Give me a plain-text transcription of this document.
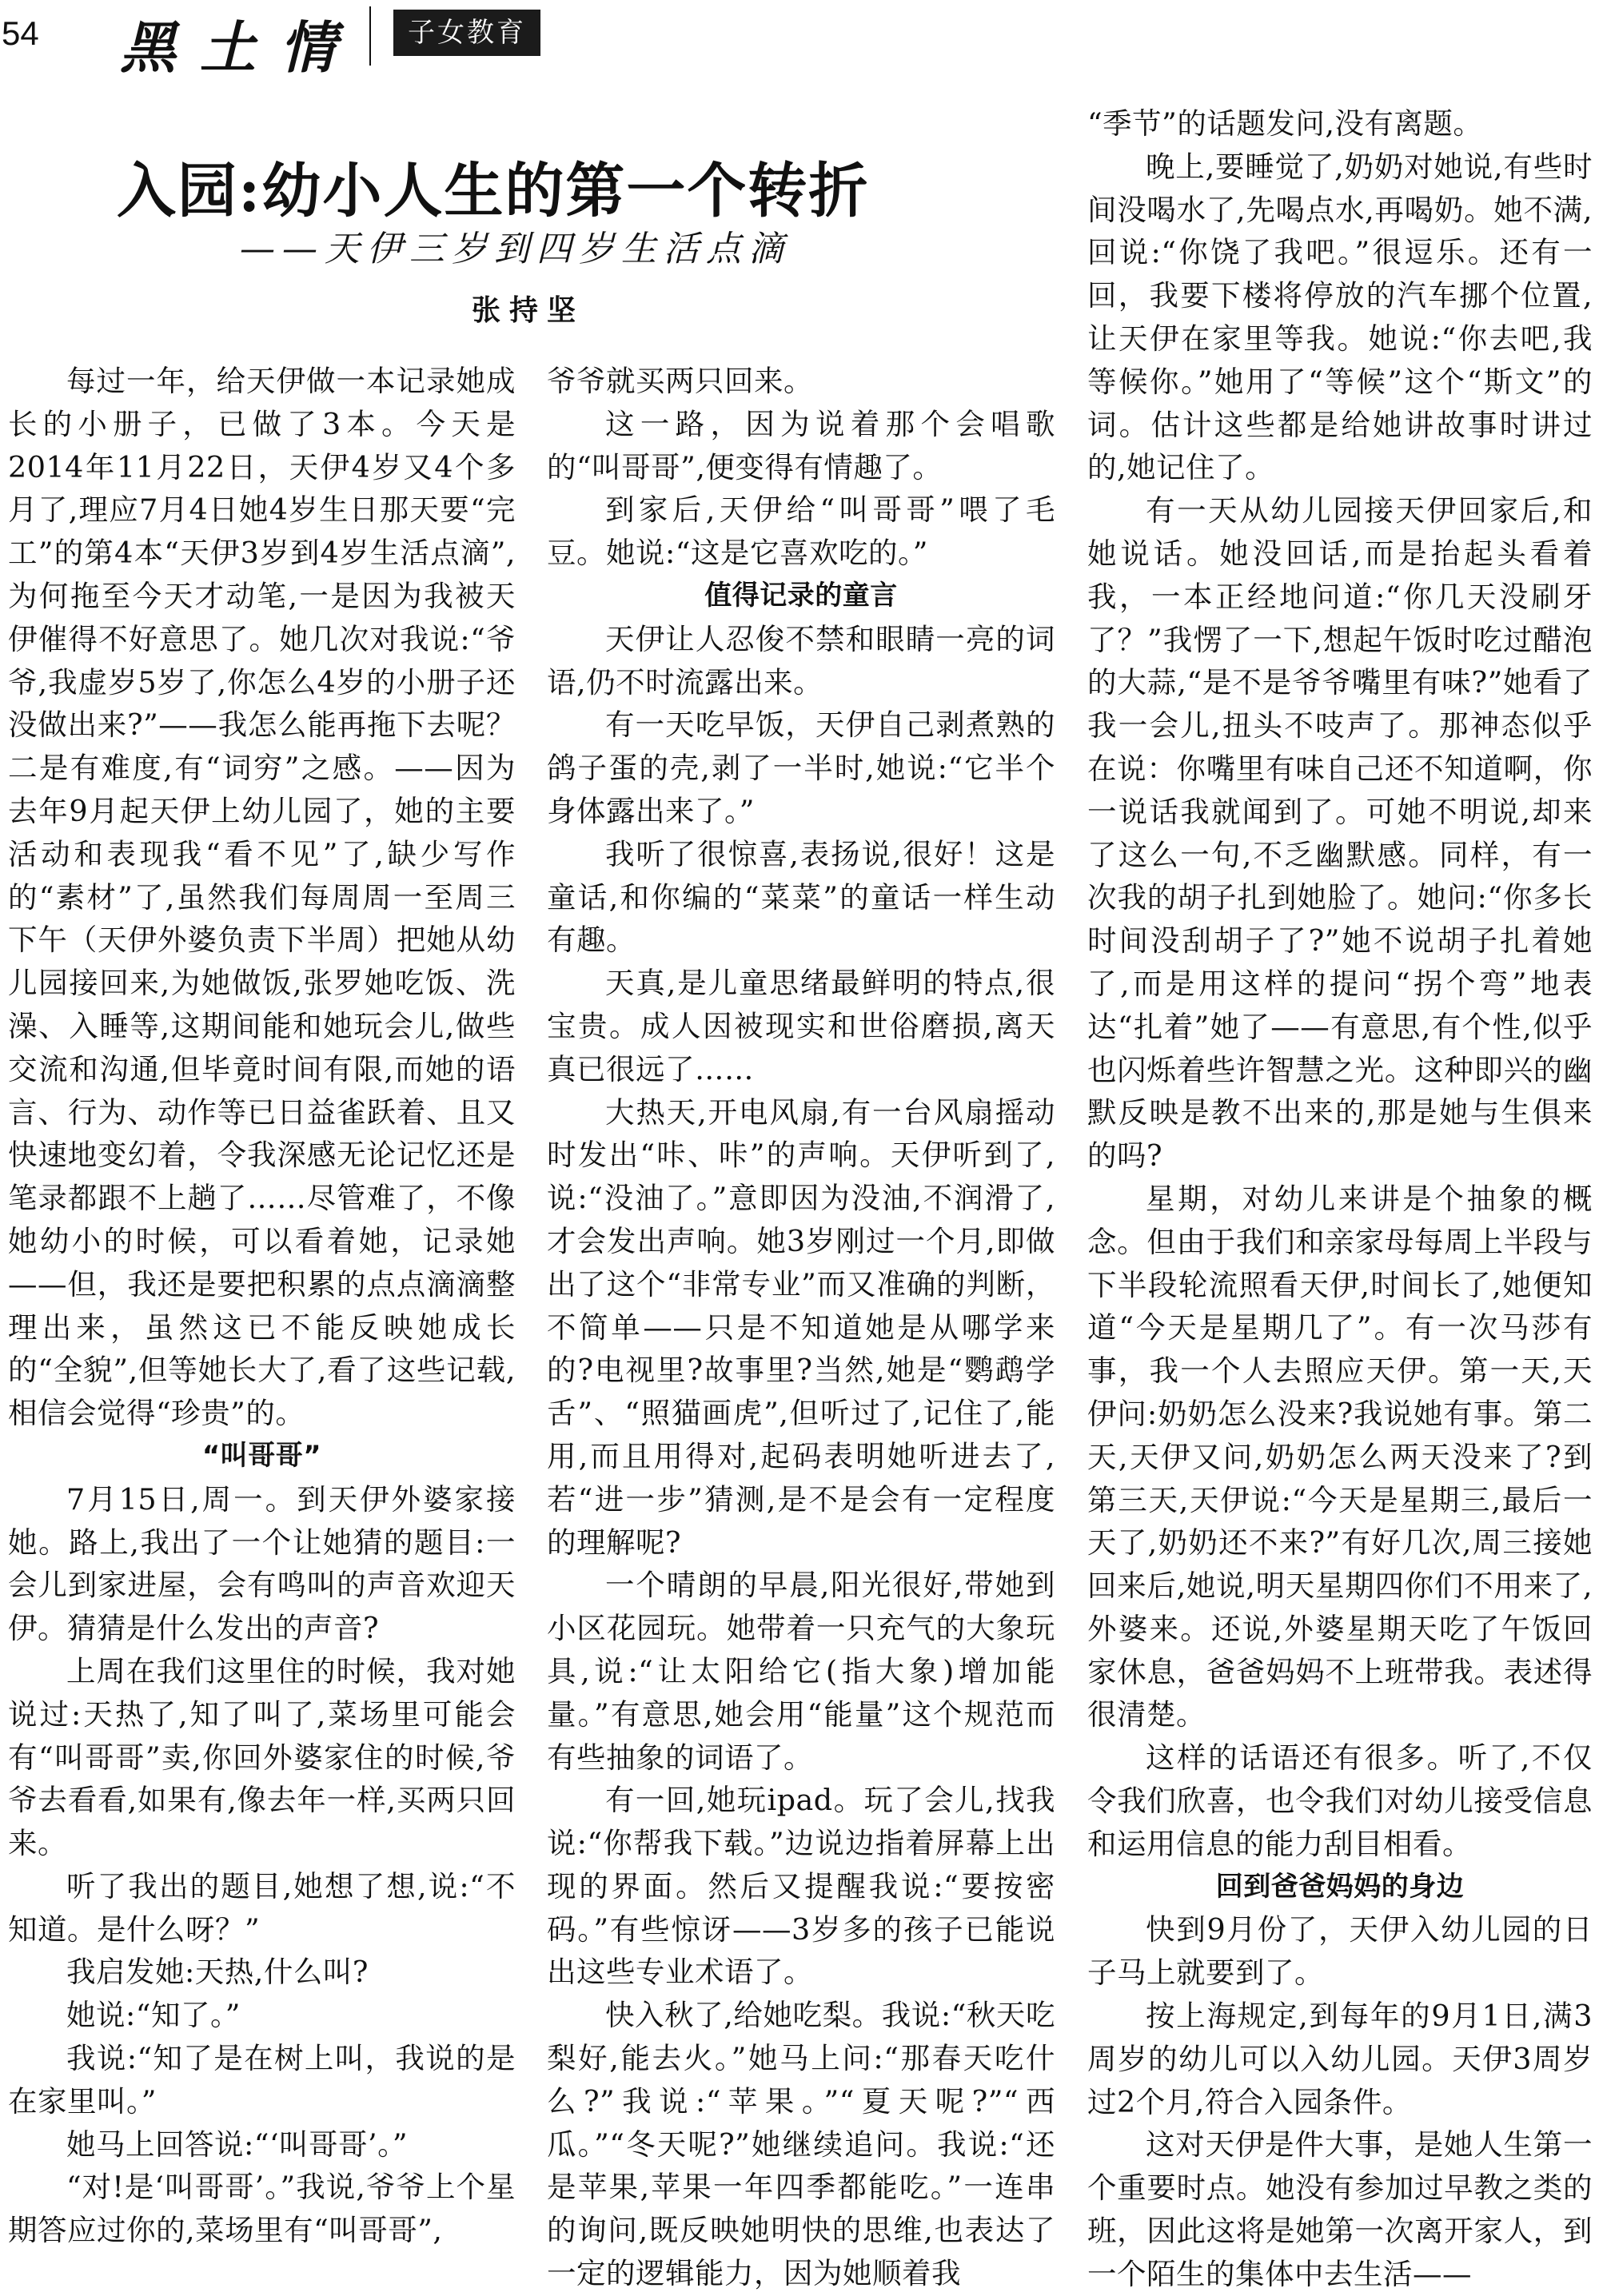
54 黑土情	子女教育
入园:幼小人生的第一个转折
——天伊三岁到四岁生活点滴
张持坚

每过一年，给天伊做一本记录她成长的小册子，已做了3本。今天是2014年11月22日，天伊4岁又4个多月了,理应7月4日她4岁生日那天要“完工”的第4本“天伊3岁到4岁生活点滴”,为何拖至今天才动笔,一是因为我被天伊催得不好意思了。她几次对我说:“爷爷,我虚岁5岁了,你怎么4岁的小册子还没做出来?”——我怎么能再拖下去呢？二是有难度,有“词穷”之感。——因为去年9月起天伊上幼儿园了，她的主要活动和表现我“看不见”了,缺少写作的“素材”了,虽然我们每周周一至周三下午（天伊外婆负责下半周）把她从幼儿园接回来,为她做饭,张罗她吃饭、洗澡、入睡等,这期间能和她玩会儿,做些交流和沟通,但毕竟时间有限,而她的语言、行为、动作等已日益雀跃着、且又快速地变幻着，令我深感无论记忆还是笔录都跟不上趟了……尽管难了，不像她幼小的时候，可以看着她，记录她——但，我还是要把积累的点点滴滴整理出来，虽然这已不能反映她成长的“全貌”,但等她长大了,看了这些记载,相信会觉得“珍贵”的。

“叫哥哥”

7月15日,周一。到天伊外婆家接她。路上,我出了一个让她猜的题目:一会儿到家进屋，会有鸣叫的声音欢迎天伊。猜猜是什么发出的声音?

上周在我们这里住的时候，我对她说过:天热了,知了叫了,菜场里可能会有“叫哥哥”卖,你回外婆家住的时候,爷爷去看看,如果有,像去年一样,买两只回来。

听了我出的题目,她想了想,说:“不知道。是什么呀？”

我启发她:天热,什么叫?

她说:“知了。”

我说:“知了是在树上叫，我说的是在家里叫。”

她马上回答说:“‘叫哥哥’。”

“对!是‘叫哥哥’。”我说,爷爷上个星期答应过你的,菜场里有“叫哥哥”,

爷爷就买两只回来。

这一路，因为说着那个会唱歌的“叫哥哥”,便变得有情趣了。

到家后,天伊给“叫哥哥”喂了毛豆。她说:“这是它喜欢吃的。”

值得记录的童言

天伊让人忍俊不禁和眼睛一亮的词语,仍不时流露出来。

有一天吃早饭，天伊自己剥煮熟的鸽子蛋的壳,剥了一半时,她说:“它半个身体露出来了。”

我听了很惊喜,表扬说,很好！这是童话,和你编的“菜菜”的童话一样生动有趣。

天真,是儿童思绪最鲜明的特点,很宝贵。成人因被现实和世俗磨损,离天真已很远了……

大热天,开电风扇,有一台风扇摇动时发出“咔、咔”的声响。天伊听到了,说:“没油了。”意即因为没油,不润滑了,才会发出声响。她3岁刚过一个月,即做出了这个“非常专业”而又准确的判断，不简单——只是不知道她是从哪学来的?电视里?故事里?当然,她是“鹦鹉学舌”、“照猫画虎”,但听过了,记住了,能用,而且用得对,起码表明她听进去了,若“进一步”猜测,是不是会有一定程度的理解呢?

一个晴朗的早晨,阳光很好,带她到小区花园玩。她带着一只充气的大象玩具,说:“让太阳给它(指大象)增加能量。”有意思,她会用“能量”这个规范而有些抽象的词语了。

有一回,她玩ipad。玩了会儿,找我说:“你帮我下载。”边说边指着屏幕上出现的界面。然后又提醒我说:“要按密码。”有些惊讶——3岁多的孩子已能说出这些专业术语了。

快入秋了,给她吃梨。我说:“秋天吃梨好,能去火。”她马上问:“那春天吃什么?”我说:“苹果。”“夏天呢?”“西瓜。”“冬天呢?”她继续追问。我说:“还是苹果,苹果一年四季都能吃。”一连串的询问,既反映她明快的思维,也表达了一定的逻辑能力，因为她顺着我

“季节”的话题发问,没有离题。

晚上,要睡觉了,奶奶对她说,有些时间没喝水了,先喝点水,再喝奶。她不满,回说:“你饶了我吧。”很逗乐。还有一回，我要下楼将停放的汽车挪个位置,让天伊在家里等我。她说:“你去吧,我等候你。”她用了“等候”这个“斯文”的词。估计这些都是给她讲故事时讲过的,她记住了。

有一天从幼儿园接天伊回家后,和她说话。她没回话,而是抬起头看着我，一本正经地问道:“你几天没刷牙了？”我愣了一下,想起午饭时吃过醋泡的大蒜,“是不是爷爷嘴里有味?”她看了我一会儿,扭头不吱声了。那神态似乎在说：你嘴里有味自己还不知道啊，你一说话我就闻到了。可她不明说,却来了这么一句,不乏幽默感。同样，有一次我的胡子扎到她脸了。她问:“你多长时间没刮胡子了?”她不说胡子扎着她了,而是用这样的提问“拐个弯”地表达“扎着”她了——有意思,有个性,似乎也闪烁着些许智慧之光。这种即兴的幽默反映是教不出来的,那是她与生俱来的吗?

星期，对幼儿来讲是个抽象的概念。但由于我们和亲家母每周上半段与下半段轮流照看天伊,时间长了,她便知道“今天是星期几了”。有一次马莎有事，我一个人去照应天伊。第一天,天伊问:奶奶怎么没来?我说她有事。第二天,天伊又问,奶奶怎么两天没来了?到第三天,天伊说:“今天是星期三,最后一天了,奶奶还不来?”有好几次,周三接她回来后,她说,明天星期四你们不用来了,外婆来。还说,外婆星期天吃了午饭回家休息，爸爸妈妈不上班带我。表述得很清楚。

这样的话语还有很多。听了,不仅令我们欣喜，也令我们对幼儿接受信息和运用信息的能力刮目相看。

回到爸爸妈妈的身边

快到9月份了，天伊入幼儿园的日子马上就要到了。

按上海规定,到每年的9月1日,满3周岁的幼儿可以入幼儿园。天伊3周岁过2个月,符合入园条件。

这对天伊是件大事，是她人生第一个重要时点。她没有参加过早教之类的班，因此这将是她第一次离开家人，到一个陌生的集体中去生活——
